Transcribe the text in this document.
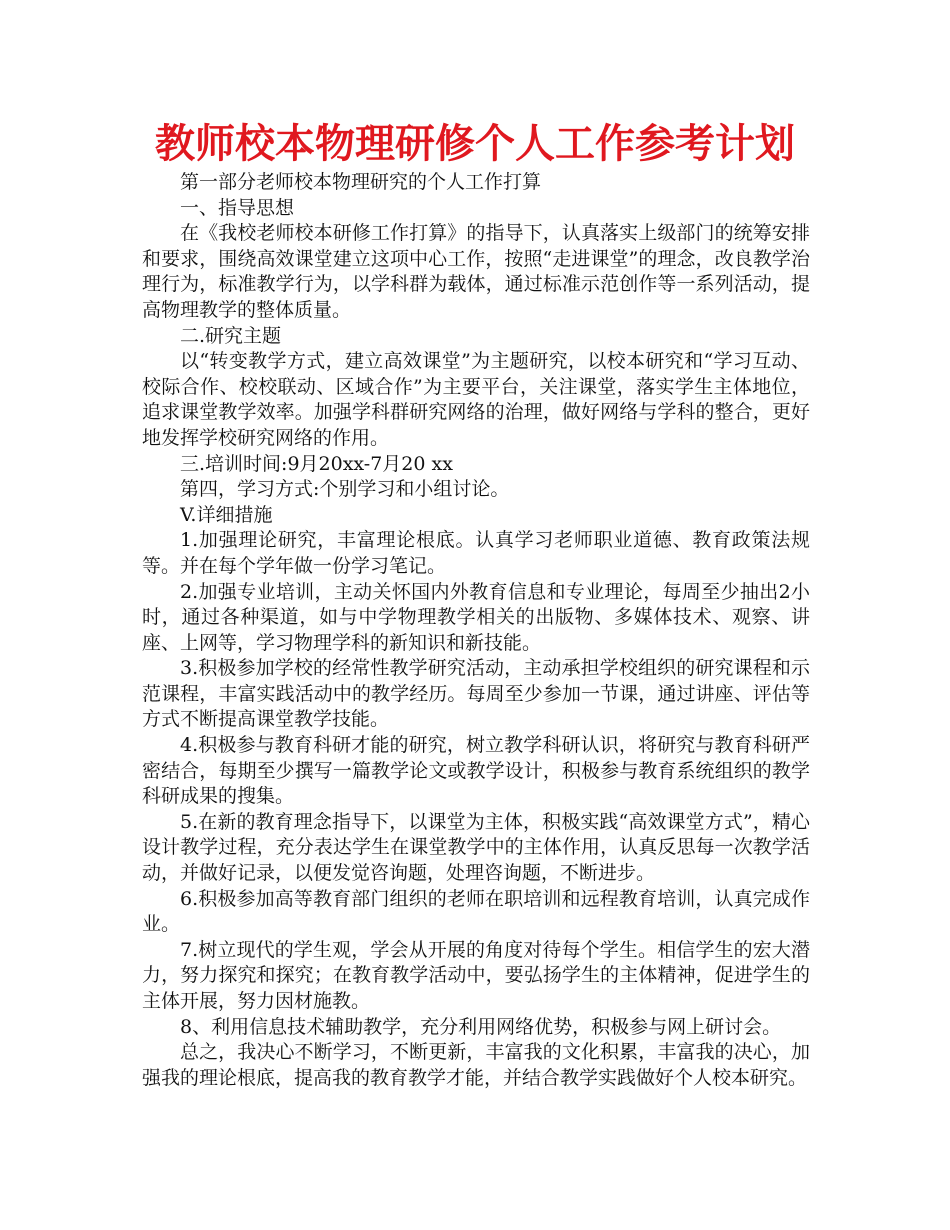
教师校本物理研修个人工作参考计划

第一部分老师校本物理研究的个人工作打算

一、指导思想

在《我校老师校本研修工作打算》的指导下，认真落实上级部门的统筹安排和要求，围绕高效课堂建立这项中心工作，按照“走进课堂”的理念，改良教学治理行为，标准教学行为，以学科群为载体，通过标准示范创作等一系列活动，提高物理教学的整体质量。

二.研究主题

以“转变教学方式，建立高效课堂”为主题研究，以校本研究和“学习互动、校际合作、校校联动、区域合作”为主要平台，关注课堂，落实学生主体地位，追求课堂教学效率。加强学科群研究网络的治理，做好网络与学科的整合，更好地发挥学校研究网络的作用。

三.培训时间:9月20xx-7月20 xx

第四，学习方式:个别学习和小组讨论。

V.详细措施

1.加强理论研究，丰富理论根底。认真学习老师职业道德、教育政策法规等。并在每个学年做一份学习笔记。

2.加强专业培训，主动关怀国内外教育信息和专业理论，每周至少抽出2小时，通过各种渠道，如与中学物理教学相关的出版物、多媒体技术、观察、讲座、上网等，学习物理学科的新知识和新技能。

3.积极参加学校的经常性教学研究活动，主动承担学校组织的研究课程和示范课程，丰富实践活动中的教学经历。每周至少参加一节课，通过讲座、评估等方式不断提高课堂教学技能。

4.积极参与教育科研才能的研究，树立教学科研认识，将研究与教育科研严密结合，每期至少撰写一篇教学论文或教学设计，积极参与教育系统组织的教学科研成果的搜集。

5.在新的教育理念指导下，以课堂为主体，积极实践“高效课堂方式”，精心设计教学过程，充分表达学生在课堂教学中的主体作用，认真反思每一次教学活动，并做好记录，以便发觉咨询题，处理咨询题，不断进步。

6.积极参加高等教育部门组织的老师在职培训和远程教育培训，认真完成作业。

7.树立现代的学生观，学会从开展的角度对待每个学生。相信学生的宏大潜力，努力探究和探究；在教育教学活动中，要弘扬学生的主体精神，促进学生的主体开展，努力因材施教。

8、利用信息技术辅助教学，充分利用网络优势，积极参与网上研讨会。

总之，我决心不断学习，不断更新，丰富我的文化积累，丰富我的决心，加强我的理论根底，提高我的教育教学才能，并结合教学实践做好个人校本研究。
